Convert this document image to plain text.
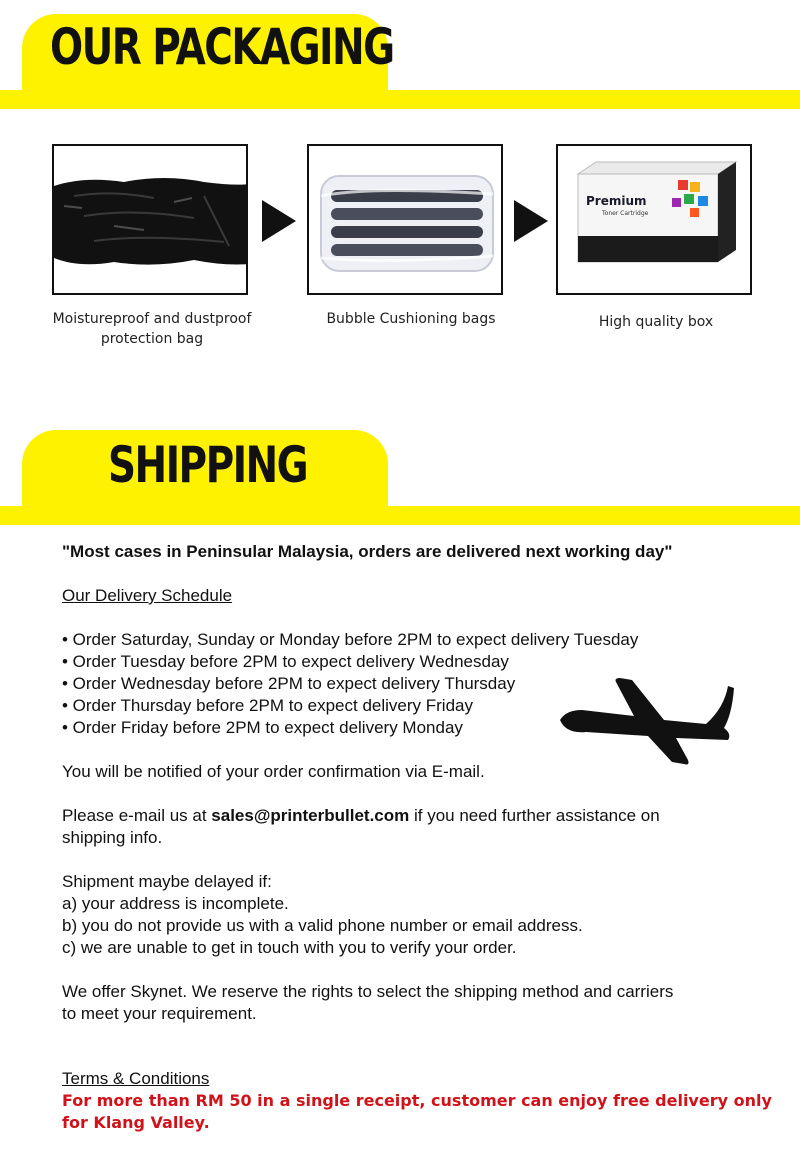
OUR PACKAGING
Premium
Toner Cartridge
Moistureproof and dustproof
protection bag
Bubble Cushioning bags	High quality box
SHIPPING
"Most cases in Peninsular Malaysia, orders are delivered next working day"
Our Delivery Schedule
• Order Saturday, Sunday or Monday before 2PM to expect delivery Tuesday
• Order Tuesday before 2PM to expect delivery Wednesday
• Order Wednesday before 2PM to expect delivery Thursday
• Order Thursday before 2PM to expect delivery Friday
• Order Friday before 2PM to expect delivery Monday
You will be notified of your order confirmation via E-mail.
Please e-mail us at sales@printerbullet.com if you need further assistance on
shipping info.
Shipment maybe delayed if:
a) your address is incomplete.
b) you do not provide us with a valid phone number or email address.
c) we are unable to get in touch with you to verify your order.
We offer Skynet. We reserve the rights to select the shipping method and carriers
to meet your requirement.
Terms & Conditions
For more than RM 50 in a single receipt, customer can enjoy free delivery only
for Klang Valley.
